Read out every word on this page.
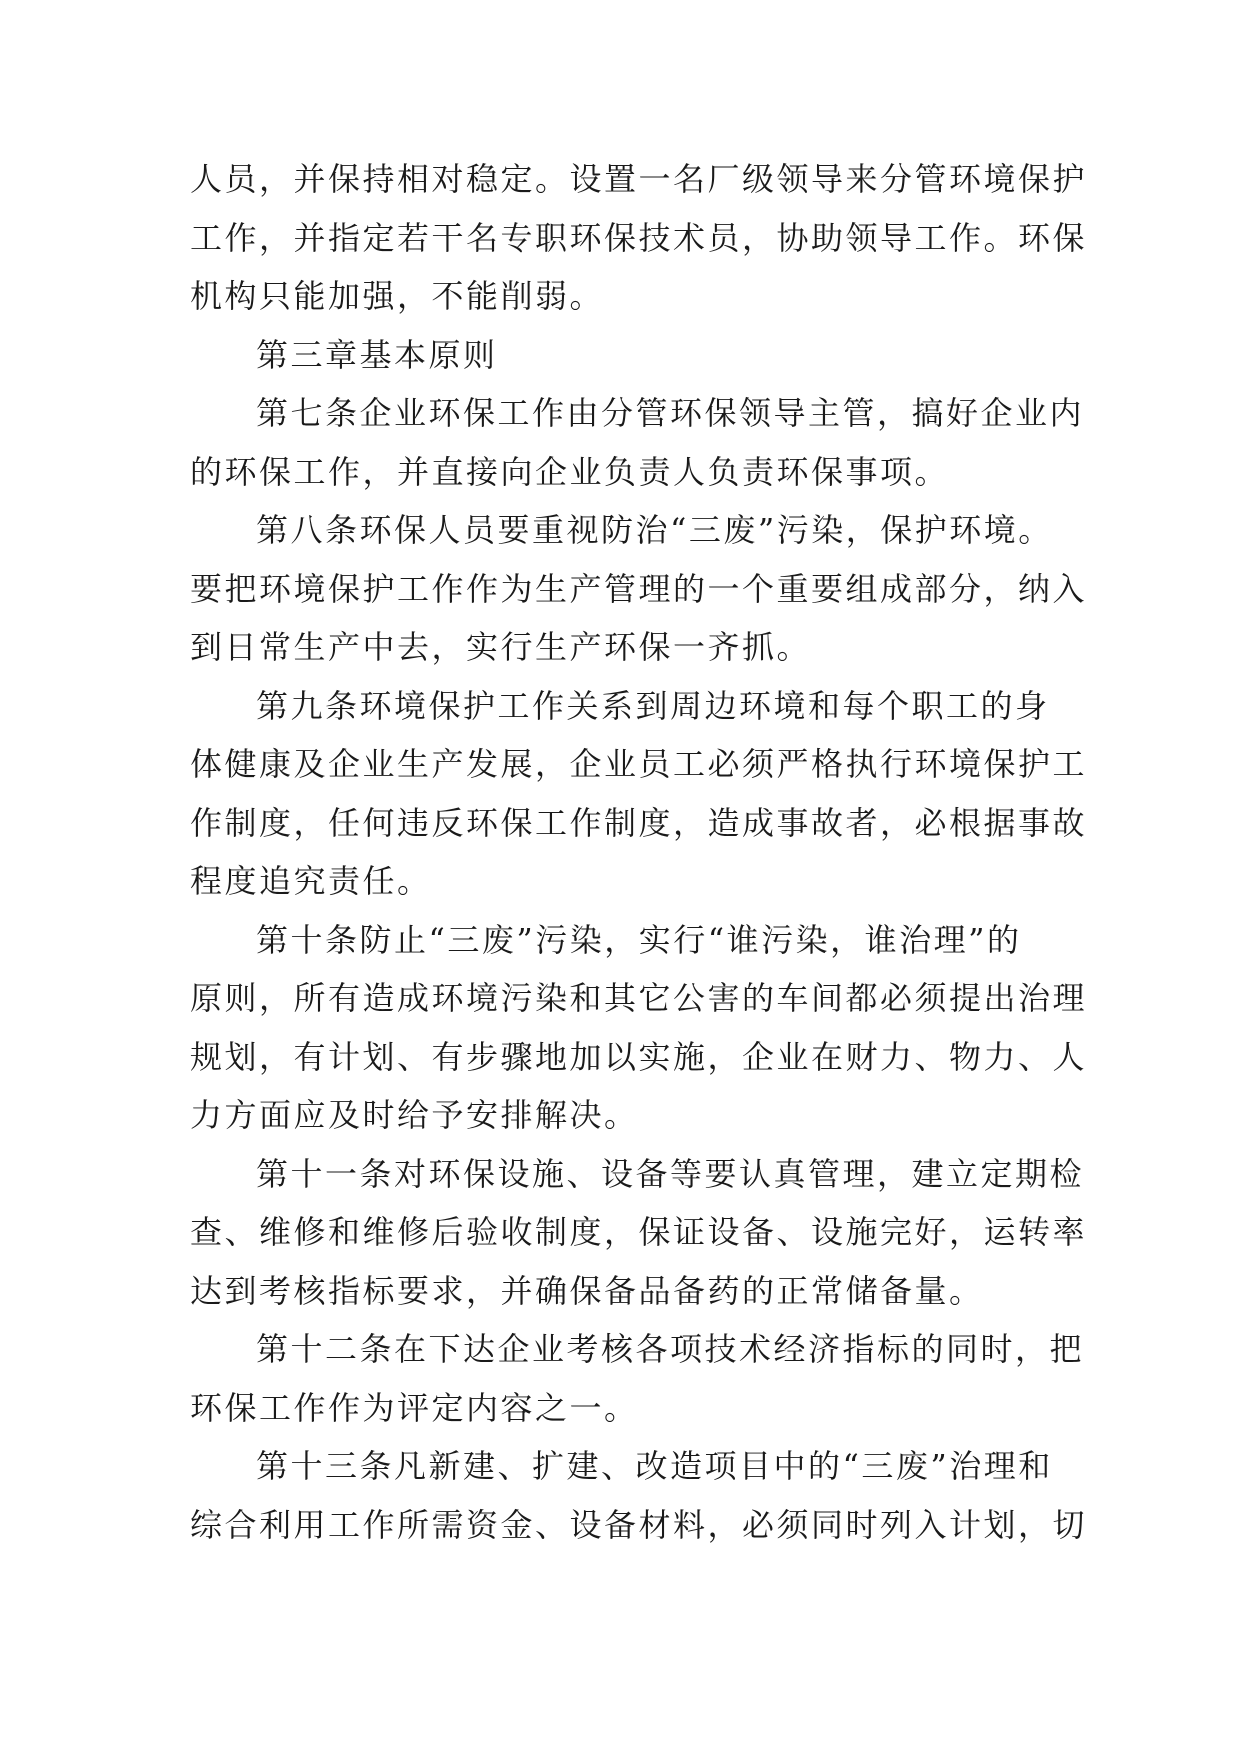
人员，并保持相对稳定。设置一名厂级领导来分管环境保护
工作，并指定若干名专职环保技术员，协助领导工作。环保
机构只能加强，不能削弱。
第三章基本原则
第七条企业环保工作由分管环保领导主管，搞好企业内
的环保工作，并直接向企业负责人负责环保事项。
第八条环保人员要重视防治“三废”污染，保护环境。
要把环境保护工作作为生产管理的一个重要组成部分，纳入
到日常生产中去，实行生产环保一齐抓。
第九条环境保护工作关系到周边环境和每个职工的身
体健康及企业生产发展，企业员工必须严格执行环境保护工
作制度，任何违反环保工作制度，造成事故者，必根据事故
程度追究责任。
第十条防止“三废”污染，实行“谁污染，谁治理”的
原则，所有造成环境污染和其它公害的车间都必须提出治理
规划，有计划、有步骤地加以实施，企业在财力、物力、人
力方面应及时给予安排解决。
第十一条对环保设施、设备等要认真管理，建立定期检
查、维修和维修后验收制度，保证设备、设施完好，运转率
达到考核指标要求，并确保备品备药的正常储备量。
第十二条在下达企业考核各项技术经济指标的同时，把
环保工作作为评定内容之一。
第十三条凡新建、扩建、改造项目中的“三废”治理和
综合利用工作所需资金、设备材料，必须同时列入计划，切
